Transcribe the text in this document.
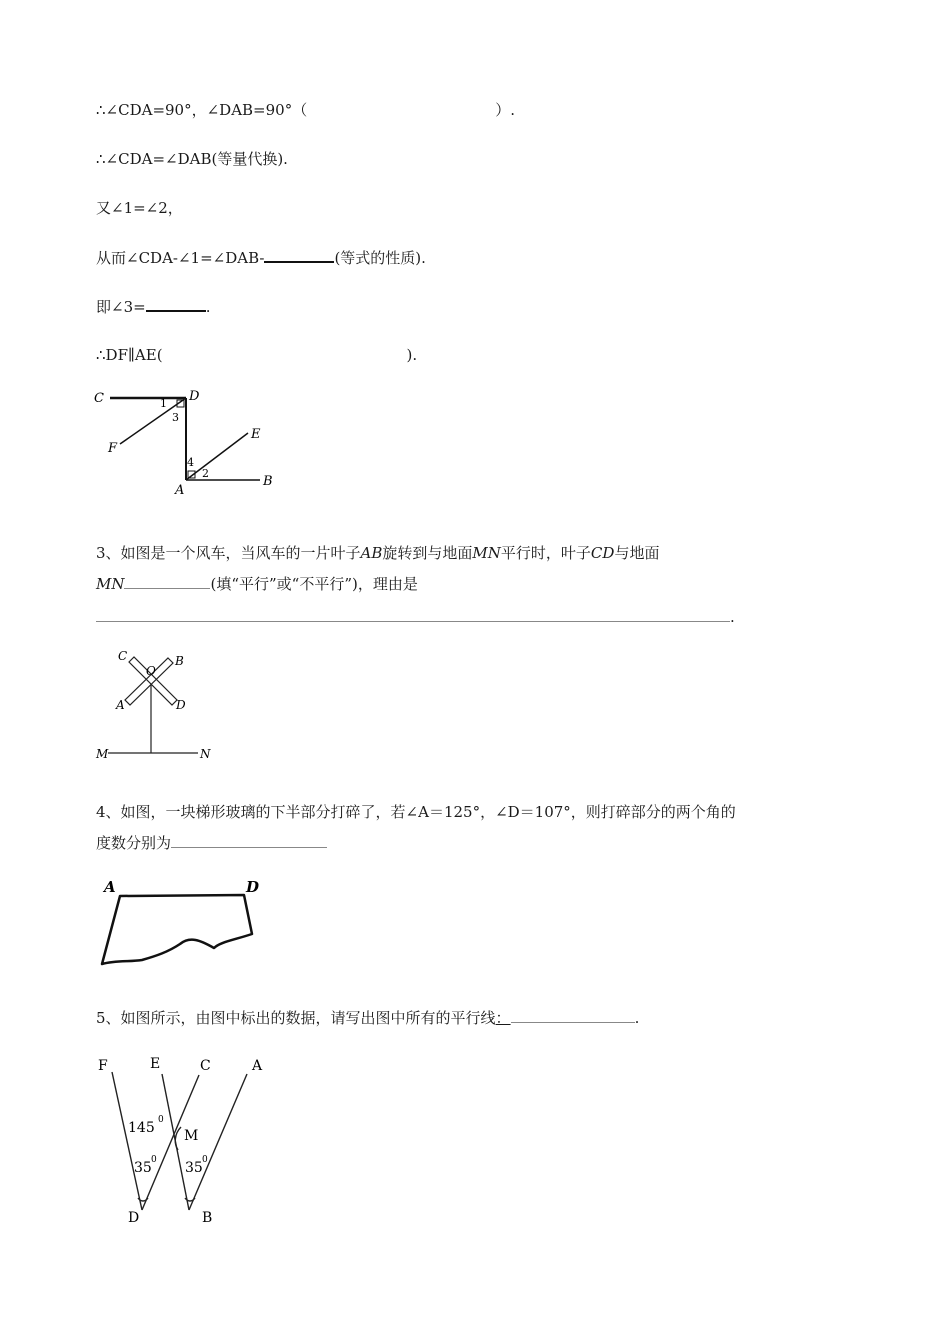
∴∠CDA=90°，∠DAB=90°（	）.
∴∠CDA=∠DAB(等量代换).
又∠1=∠2，
从而∠CDA-∠1=∠DAB-	(等式的性质).
即∠3=	.
∴DF∥AE(	).
C	D
1
3
F
E
4
2
A
B
3、如图是一个风车，当风车的一片叶子AB旋转到与地面MN平行时，叶子CD与地面
MN	(填“平行”或“不平行”)，理由是
.
C
O
B
A	D
M	N
4、如图，一块梯形玻璃的下半部分打碎了，若∠A＝125°，∠D＝107°，则打碎部分的两个角的
度数分别为
A	D
5、如图所示，由图中标出的数据，请写出图中所有的平行线：	.
F	E	C	A
145 0
M
35 0 35 0
D	B
